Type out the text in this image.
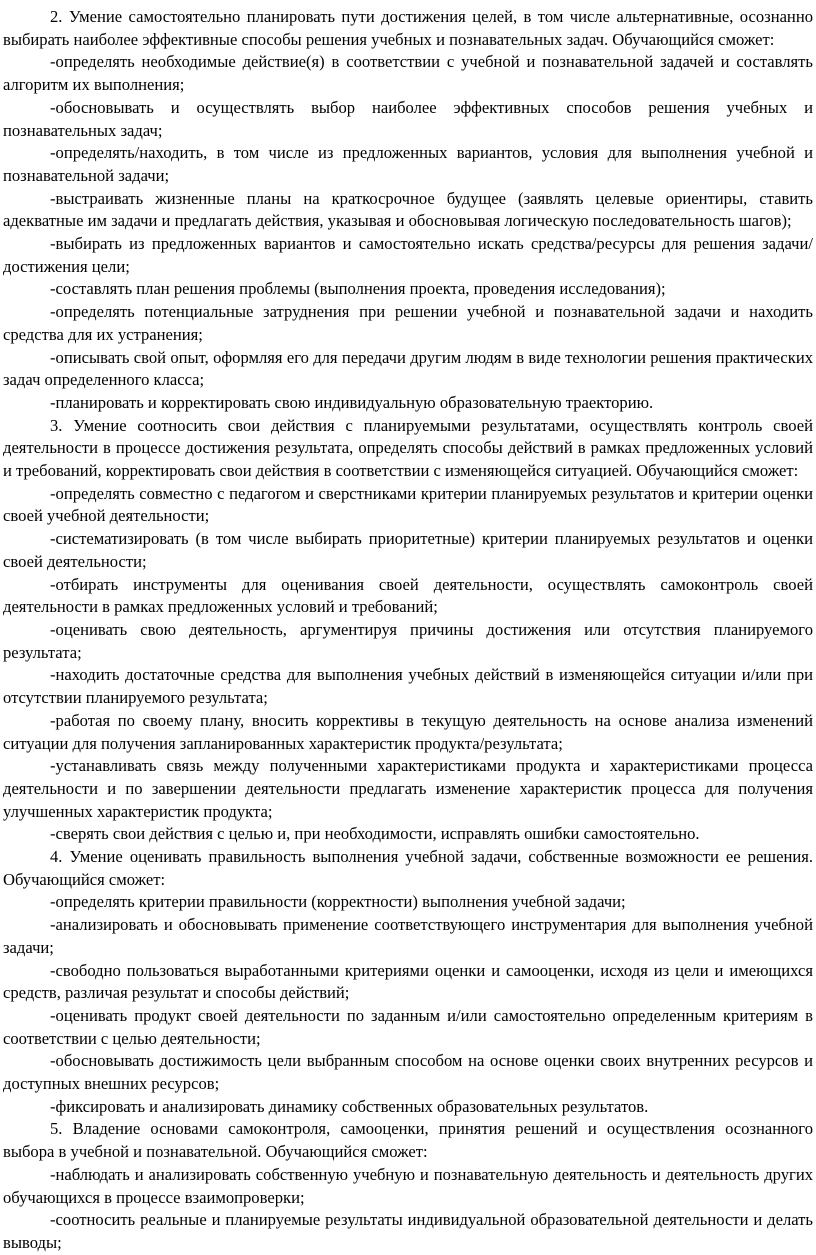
2. Умение самостоятельно планировать пути достижения целей, в том числе альтернативные, осознанно выбирать наиболее эффективные способы решения учебных и познавательных задач. Обучающийся сможет:

-определять необходимые действие(я) в соответствии с учебной и познавательной задачей и составлять алгоритм их выполнения;

-обосновывать и осуществлять выбор наиболее эффективных способов решения учебных и познавательных задач;

-определять/находить, в том числе из предложенных вариантов, условия для выполнения учебной и познавательной задачи;

-выстраивать жизненные планы на краткосрочное будущее (заявлять целевые ориентиры, ставить адекватные им задачи и предлагать действия, указывая и обосновывая логическую последовательность шагов);

-выбирать из предложенных вариантов и самостоятельно искать средства/ресурсы для решения задачи/достижения цели;

-составлять план решения проблемы (выполнения проекта, проведения исследования);

-определять потенциальные затруднения при решении учебной и познавательной задачи и находить средства для их устранения;

-описывать свой опыт, оформляя его для передачи другим людям в виде технологии решения практических задач определенного класса;

-планировать и корректировать свою индивидуальную образовательную траекторию.

3. Умение соотносить свои действия с планируемыми результатами, осуществлять контроль своей деятельности в процессе достижения результата, определять способы действий в рамках предложенных условий и требований, корректировать свои действия в соответствии с изменяющейся ситуацией. Обучающийся сможет:

-определять совместно с педагогом и сверстниками критерии планируемых результатов и критерии оценки своей учебной деятельности;

-систематизировать (в том числе выбирать приоритетные) критерии планируемых результатов и оценки своей деятельности;

-отбирать инструменты для оценивания своей деятельности, осуществлять самоконтроль своей деятельности в рамках предложенных условий и требований;

-оценивать свою деятельность, аргументируя причины достижения или отсутствия планируемого результата;

-находить достаточные средства для выполнения учебных действий в изменяющейся ситуации и/или при отсутствии планируемого результата;

-работая по своему плану, вносить коррективы в текущую деятельность на основе анализа изменений ситуации для получения запланированных характеристик продукта/результата;

-устанавливать связь между полученными характеристиками продукта и характеристиками процесса деятельности и по завершении деятельности предлагать изменение характеристик процесса для получения улучшенных характеристик продукта;

-сверять свои действия с целью и, при необходимости, исправлять ошибки самостоятельно.

4. Умение оценивать правильность выполнения учебной задачи, собственные возможности ее решения. Обучающийся сможет:

-определять критерии правильности (корректности) выполнения учебной задачи;

-анализировать и обосновывать применение соответствующего инструментария для выполнения учебной задачи;

-свободно пользоваться выработанными критериями оценки и самооценки, исходя из цели и имеющихся средств, различая результат и способы действий;

-оценивать продукт своей деятельности по заданным и/или самостоятельно определенным критериям в соответствии с целью деятельности;

-обосновывать достижимость цели выбранным способом на основе оценки своих внутренних ресурсов и доступных внешних ресурсов;

-фиксировать и анализировать динамику собственных образовательных результатов.

5. Владение основами самоконтроля, самооценки, принятия решений и осуществления осознанного выбора в учебной и познавательной. Обучающийся сможет:

-наблюдать и анализировать собственную учебную и познавательную деятельность и деятельность других обучающихся в процессе взаимопроверки;

-соотносить реальные и планируемые результаты индивидуальной образовательной деятельности и делать выводы;
